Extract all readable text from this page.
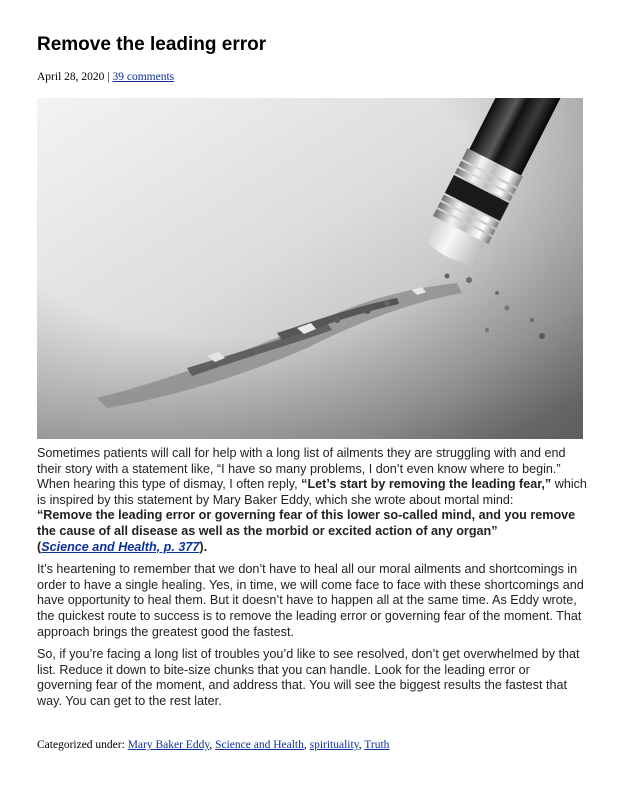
Remove the leading error
April 28, 2020 | 39 comments

Sometimes patients will call for help with a long list of ailments they are struggling with and end their story with a statement like, “I have so many problems, I don’t even know where to begin.”

When hearing this type of dismay, I often reply, “Let’s start by removing the leading fear,” which is inspired by this statement by Mary Baker Eddy, which she wrote about mortal mind:

“Remove the leading error or governing fear of this lower so-called mind, and you remove the cause of all disease as well as the morbid or excited action of any organ”
(Science and Health, p. 377).

It’s heartening to remember that we don’t have to heal all our moral ailments and shortcomings in order to have a single healing. Yes, in time, we will come face to face with these shortcomings and have opportunity to heal them. But it doesn’t have to happen all at the same time. As Eddy wrote, the quickest route to success is to remove the leading error or governing fear of the moment. That approach brings the greatest good the fastest.

So, if you’re facing a long list of troubles you’d like to see resolved, don’t get overwhelmed by that list. Reduce it down to bite-size chunks that you can handle. Look for the leading error or governing fear of the moment, and address that. You will see the biggest results the fastest that way. You can get to the rest later.

Categorized under: Mary Baker Eddy, Science and Health, spirituality, Truth
